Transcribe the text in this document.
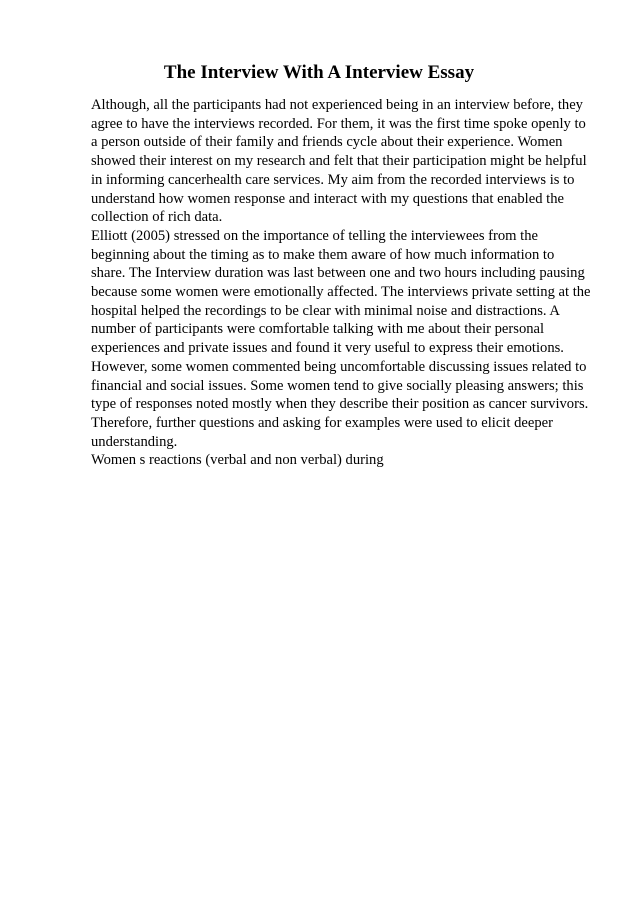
The Interview With A Interview Essay
Although, all the participants had not experienced being in an interview before, they
agree to have the interviews recorded. For them, it was the first time spoke openly to
a person outside of their family and friends cycle about their experience. Women
showed their interest on my research and felt that their participation might be helpful
in informing cancerhealth care services. My aim from the recorded interviews is to
understand how women response and interact with my questions that enabled the
collection of rich data.
Elliott (2005) stressed on the importance of telling the interviewees from the
beginning about the timing as to make them aware of how much information to
share. The Interview duration was last between one and two hours including pausing
because some women were emotionally affected. The interviews private setting at the
hospital helped the recordings to be clear with minimal noise and distractions. A
number of participants were comfortable talking with me about their personal
experiences and private issues and found it very useful to express their emotions.
However, some women commented being uncomfortable discussing issues related to
financial and social issues. Some women tend to give socially pleasing answers; this
type of responses noted mostly when they describe their position as cancer survivors.
Therefore, further questions and asking for examples were used to elicit deeper
understanding.
Women s reactions (verbal and non verbal) during
